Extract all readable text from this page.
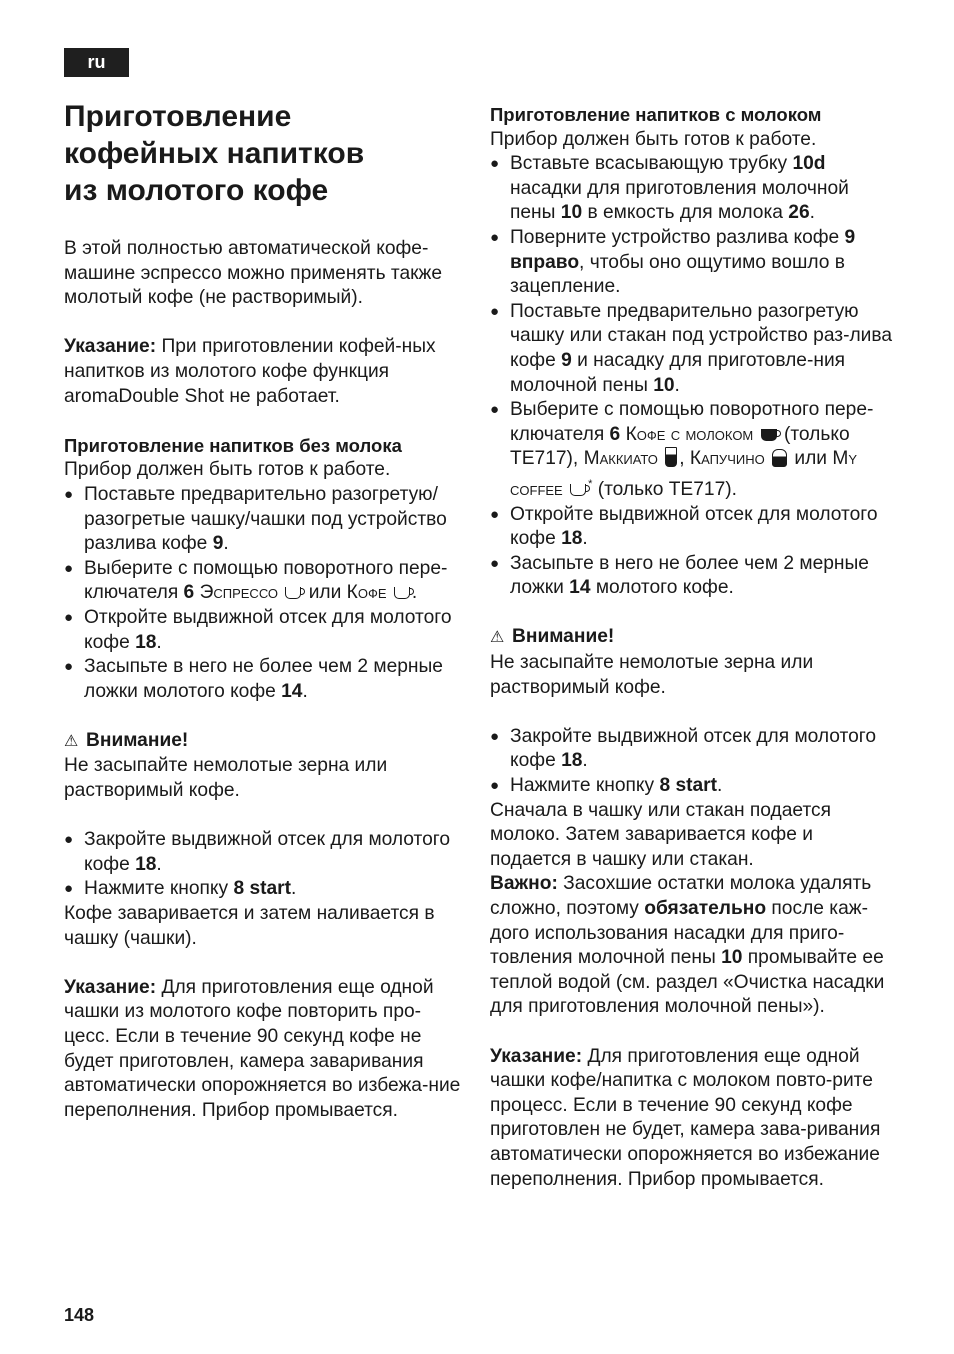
ru
Приготовление
кофейных напитков
из молотого кофе

В этой полностью автоматической кофе-машине эспрессо можно применять также молотый кофе (не растворимый).

Указание: При приготовлении кофей-ных напитков из молотого кофе функция aromaDouble Shot не работает.

Приготовление напитков без молока

Прибор должен быть готов к работе.

● Поставьте предварительно разогретую/ разогретые чашку/чашки под устройство разлива кофе 9.
● Выберите с помощью поворотного пере-ключателя 6 Эспрессо  или Кофе .
● Откройте выдвижной отсек для молотого кофе 18.
● Засыпьте в него не более чем 2 мерные ложки молотого кофе 14.

⚠ Внимание!

Не засыпайте немолотые зерна или растворимый кофе.

● Закройте выдвижной отсек для молотого кофе 18.
● Нажмите кнопку 8 start.

Кофе заваривается и затем наливается в чашку (чашки).

Указание: Для приготовления еще одной чашки из молотого кофе повторить про-цесс. Если в течение 90 секунд кофе не будет приготовлен, камера заваривания автоматически опорожняется во избежа-ние переполнения. Прибор промывается.

Приготовление напитков с молоком

Прибор должен быть готов к работе.

● Вставьте всасывающую трубку 10d насадки для приготовления молочной пены 10 в емкость для молока 26.
● Поверните устройство разлива кофе 9 вправо, чтобы оно ощутимо вошло в зацепление.
● Поставьте предварительно разогретую чашку или стакан под устройство раз-лива кофе 9 и насадку для приготовле-ния молочной пены 10.
● Выберите с помощью поворотного пере-ключателя 6 Кофе с молоком  (только TE717), Маккиато , Капучино  или My coffee * (только TE717).
● Откройте выдвижной отсек для молотого кофе 18.
● Засыпьте в него не более чем 2 мерные ложки 14 молотого кофе.

⚠ Внимание!

Не засыпайте немолотые зерна или растворимый кофе.

● Закройте выдвижной отсек для молотого кофе 18.
● Нажмите кнопку 8 start.

Сначала в чашку или стакан подается молоко. Затем заваривается кофе и подается в чашку или стакан.

Важно: Засохшие остатки молока удалять сложно, поэтому обязательно после каж-дого использования насадки для приго-товления молочной пены 10 промывайте ее теплой водой (см. раздел «Очистка насадки для приготовления молочной пены»).

Указание: Для приготовления еще одной чашки кофе/напитка с молоком повто-рите процесс. Если в течение 90 секунд кофе приготовлен не будет, камера зава-ривания автоматически опорожняется во избежание переполнения. Прибор промывается.

148
